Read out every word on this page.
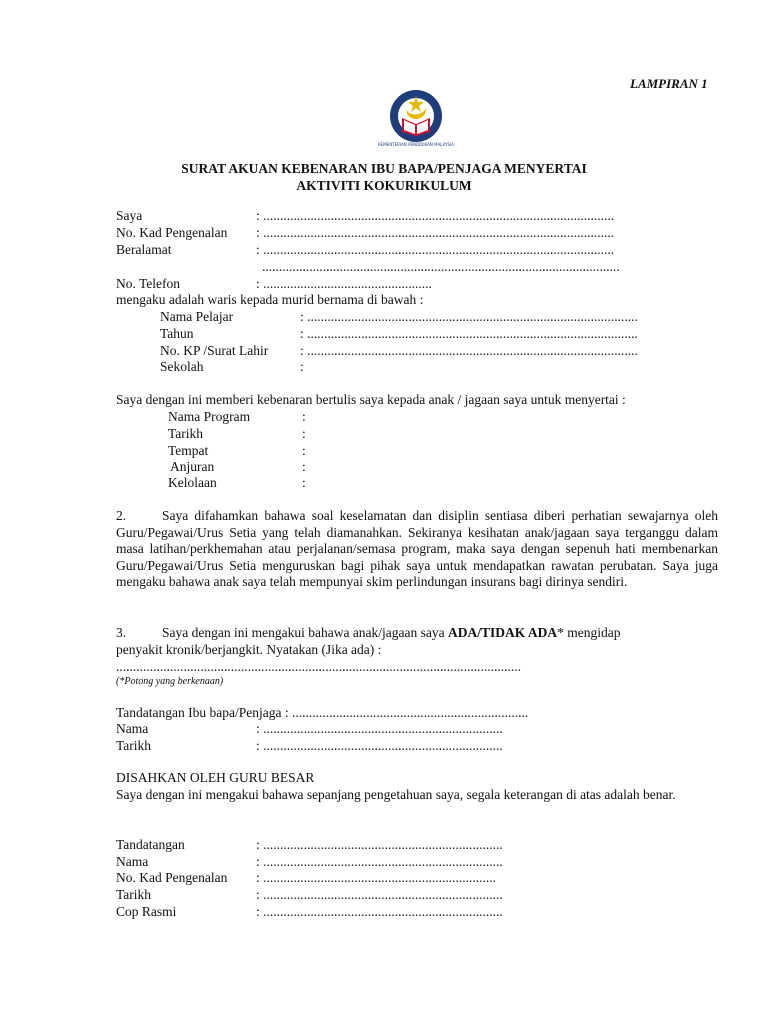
LAMPIRAN 1
KEMENTERIAN PENDIDIKAN MALAYSIA
SURAT AKUAN KEBENARAN IBU BAPA/PENJAGA MENYERTAI
AKTIVITI KOKURIKULUM
Saya	: ........................................................................................................
No. Kad Pengenalan : ........................................................................................................
Beralamat	: ........................................................................................................
..........................................................................................................
No. Telefon	: ..................................................
mengaku adalah waris kepada murid bernama di bawah :
Nama Pelajar	: ..................................................................................................
Tahun	: ..................................................................................................
No. KP /Surat Lahir : ..................................................................................................
Sekolah	:
Saya dengan ini memberi kebenaran bertulis saya kepada anak / jagaan saya untuk menyertai :
Nama Program	:
Tarikh	:
Tempat	:
Anjuran	:
Kelolaan	:
2.	Saya difahamkan bahawa soal keselamatan dan disiplin sentiasa diberi perhatian sewajarnya oleh Guru/Pegawai/Urus Setia yang telah diamanahkan. Sekiranya kesihatan anak/jagaan saya terganggu dalam masa latihan/perkhemahan atau perjalanan/semasa program, maka saya dengan sepenuh hati membenarkan Guru/Pegawai/Urus Setia menguruskan bagi pihak saya untuk mendapatkan rawatan perubatan. Saya juga mengaku bahawa anak saya telah mempunyai skim perlindungan insurans bagi dirinya sendiri.
3.	Saya dengan ini mengakui bahawa anak/jagaan saya ADA/TIDAK ADA* mengidap
penyakit kronik/berjangkit. Nyatakan (Jika ada) :
........................................................................................................................
(*Potong yang berkenaan)
Tandatangan Ibu bapa/Penjaga : ......................................................................
Nama	: .......................................................................
Tarikh	: .......................................................................
DISAHKAN OLEH GURU BESAR
Saya dengan ini mengakui bahawa sepanjang pengetahuan saya, segala keterangan di atas adalah benar.
Tandatangan	: .......................................................................
Nama	: .......................................................................
No. Kad Pengenalan : .....................................................................
Tarikh	: .......................................................................
Cop Rasmi	: .......................................................................
